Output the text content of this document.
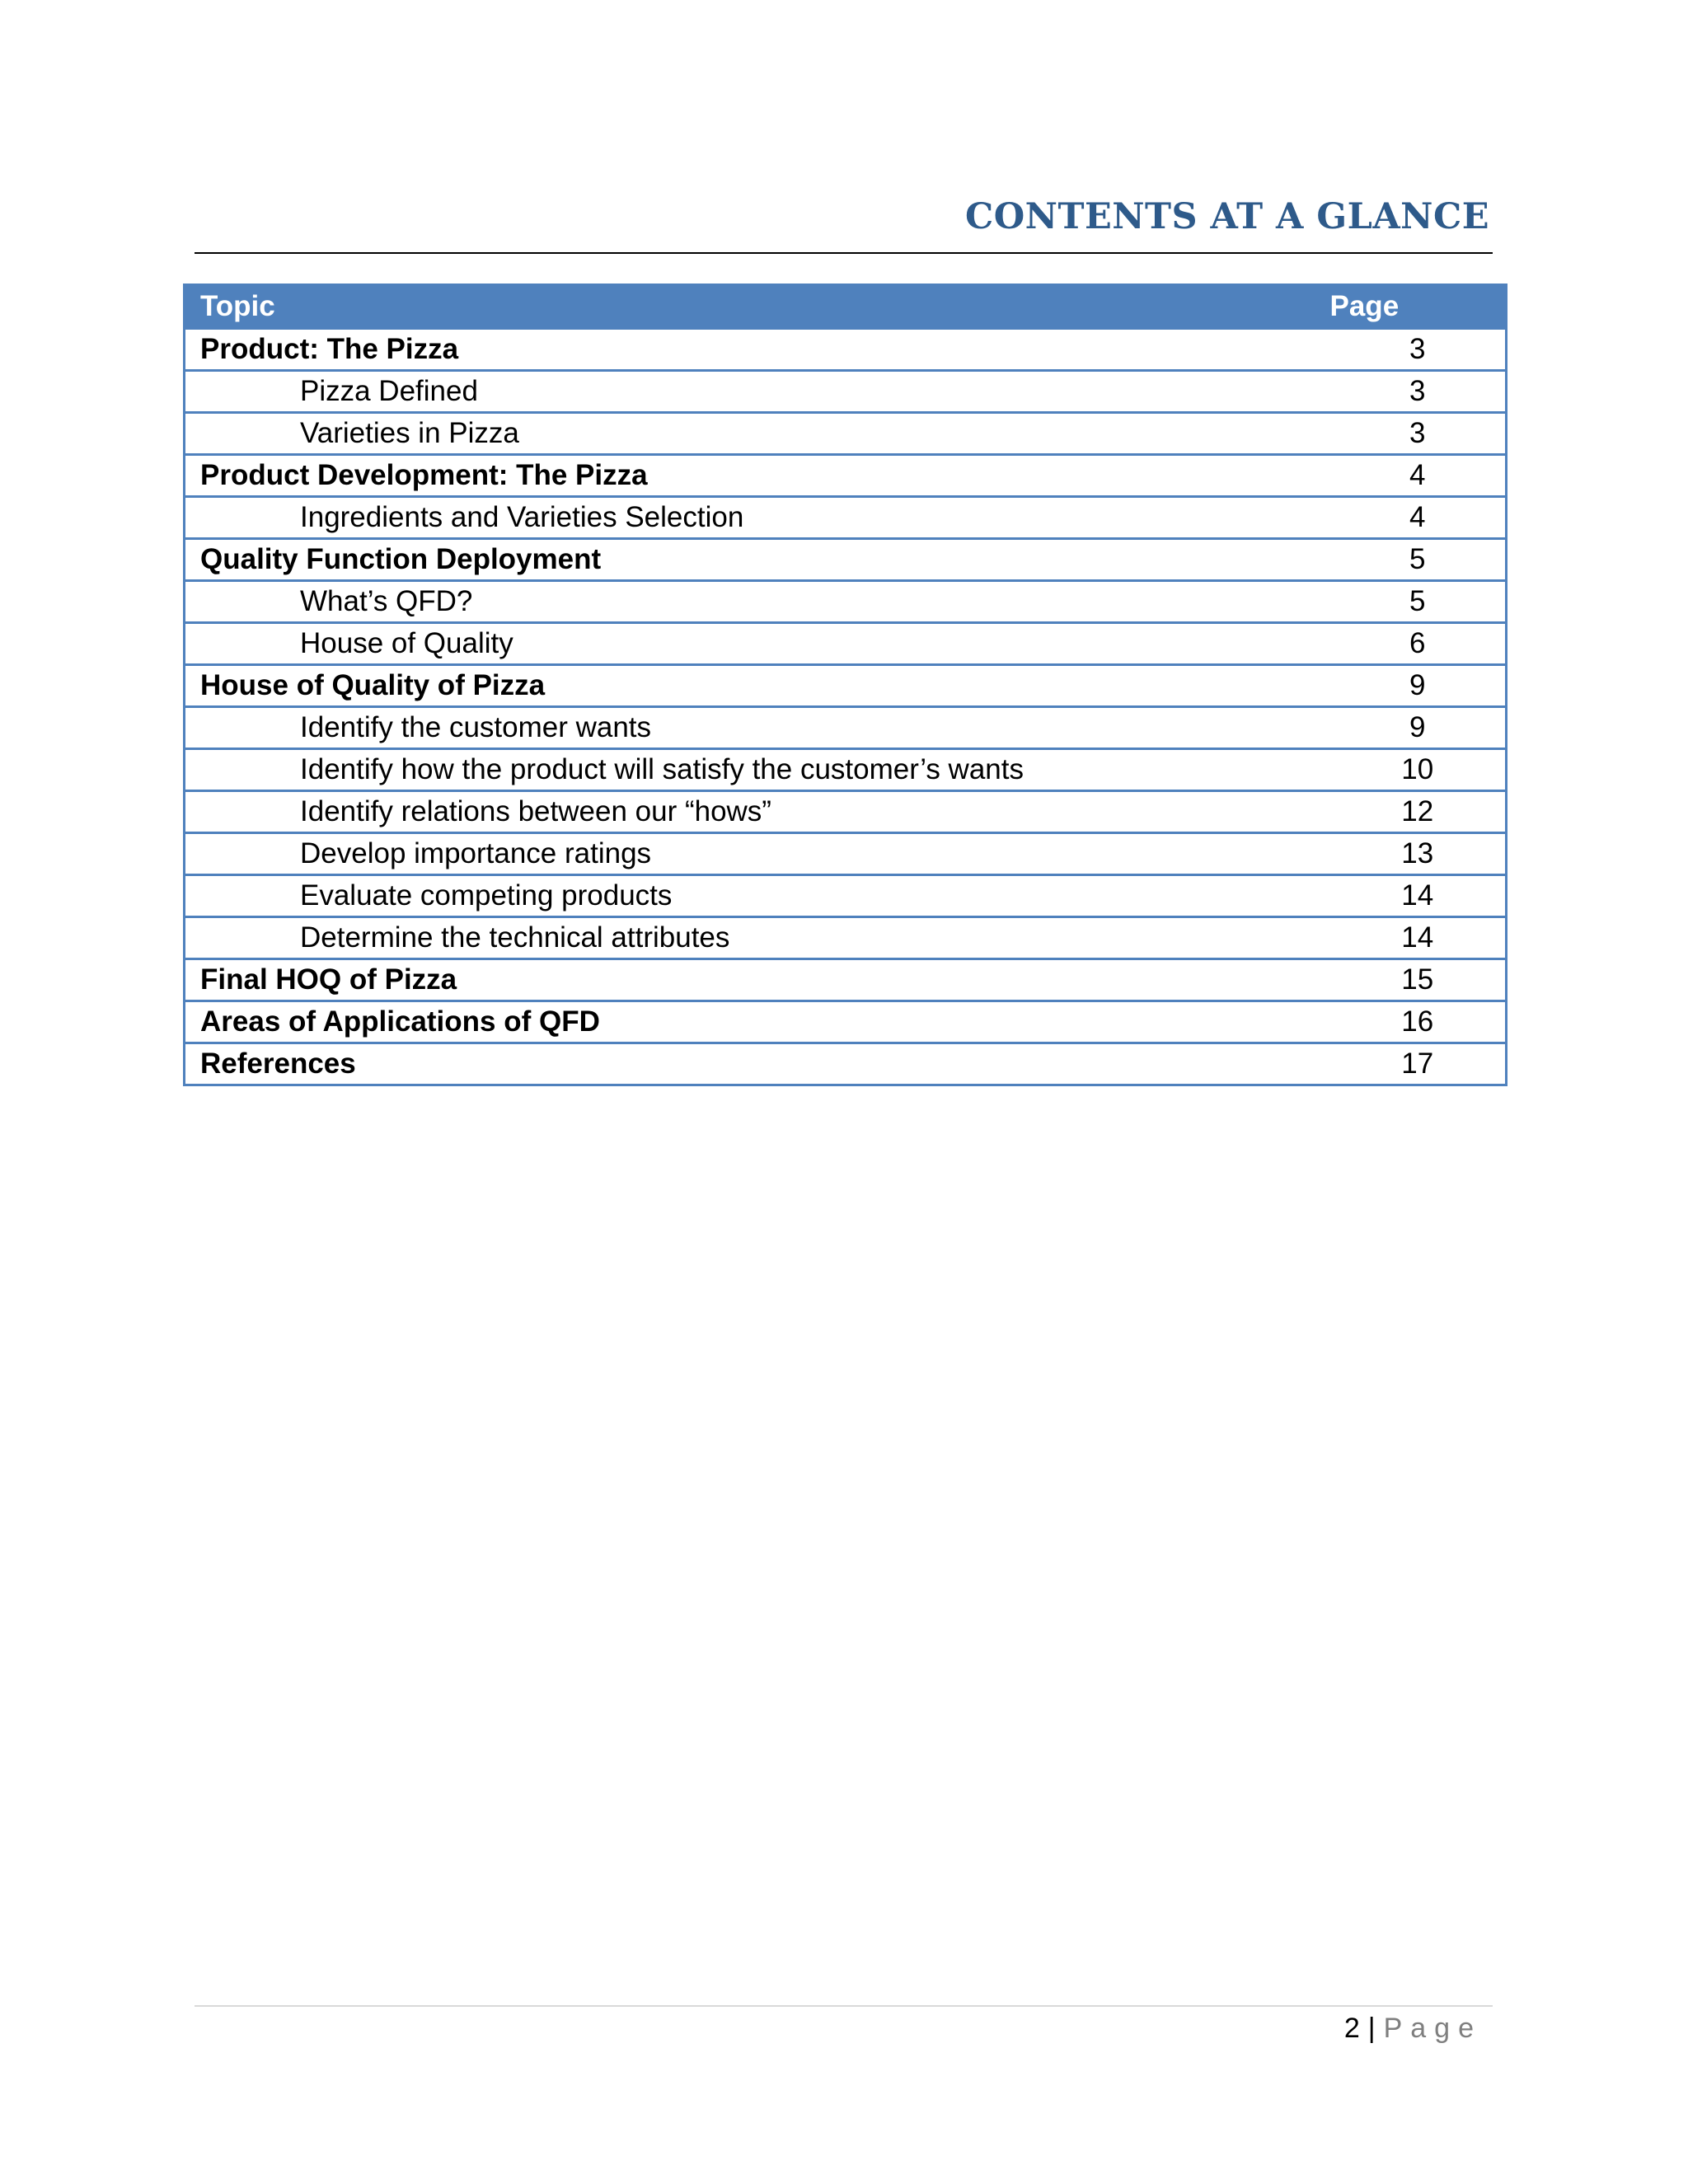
CONTENTS AT A GLANCE
Topic	Page
Product: The Pizza	3
Pizza Defined	3
Varieties in Pizza	3
Product Development: The Pizza	4
Ingredients and Varieties Selection	4
Quality Function Deployment	5
What’s QFD?	5
House of Quality	6
House of Quality of Pizza	9
Identify the customer wants	9
Identify how the product will satisfy the customer’s wants	10
Identify relations between our “hows”	12
Develop importance ratings	13
Evaluate competing products	14
Determine the technical attributes	14
Final HOQ of Pizza	15
Areas of Applications of QFD	16
References	17
2 | Page
